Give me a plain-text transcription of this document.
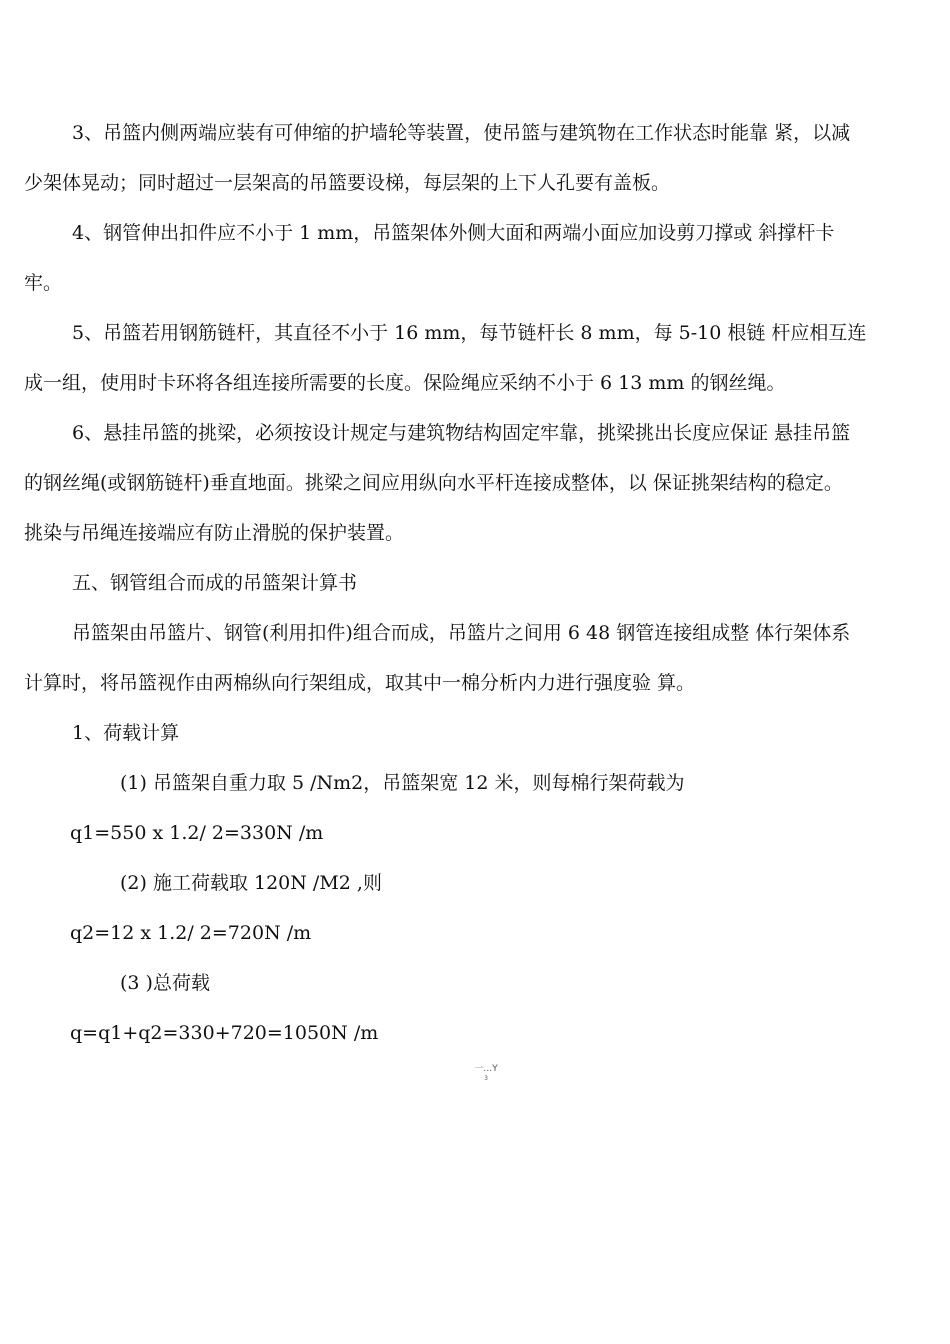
3、吊篮内侧两端应装有可伸缩的护墙轮等装置，使吊篮与建筑物在工作状态时能靠 紧，以减

少架体晃动；同时超过一层架高的吊篮要设梯，每层架的上下人孔要有盖板。

4、钢管伸出扣件应不小于 1 mm，吊篮架体外侧大面和两端小面应加设剪刀撑或 斜撑杆卡

牢。

5、吊篮若用钢筋链杆，其直径不小于 16 mm，每节链杆长 8 mm，每 5-10 根链 杆应相互连

成一组，使用时卡环将各组连接所需要的长度。保险绳应采纳不小于 6 13 mm 的钢丝绳。

6、悬挂吊篮的挑梁，必须按设计规定与建筑物结构固定牢靠，挑梁挑出长度应保证 悬挂吊篮

的钢丝绳(或钢筋链杆)垂直地面。挑梁之间应用纵向水平杆连接成整体，以 保证挑架结构的稳定。

挑染与吊绳连接端应有防止滑脱的保护装置。

五、钢管组合而成的吊篮架计算书

吊篮架由吊篮片、钢管(利用扣件)组合而成，吊篮片之间用 6 48 钢管连接组成整 体行架体系

计算时，将吊篮视作由两棉纵向行架组成，取其中一棉分析内力进行强度验 算。

1、荷载计算

(1) 吊篮架自重力取 5 /Nm2，吊篮架宽 12 米，则每棉行架荷载为

q1=550 x 1.2/ 2=330N /m

(2) 施工荷载取 120N /M2 ,则

q2=12 x 1.2/ 2=720N /m

(3 )总荷载

q=q1+q2=330+720=1050N /m

一…Y
3
